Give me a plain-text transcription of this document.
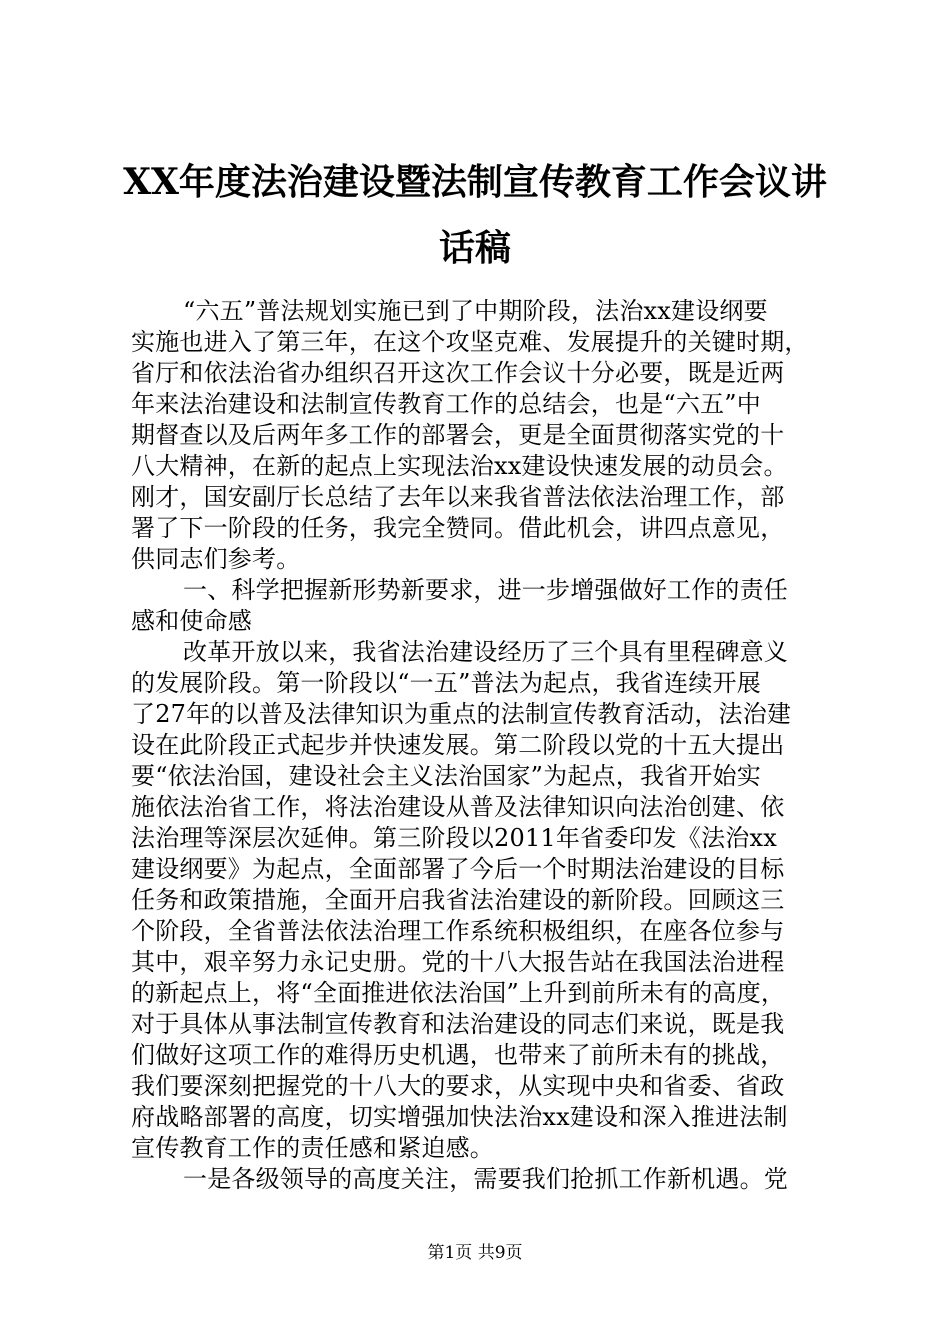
XX年度法治建设暨法制宣传教育工作会议讲
话稿
“六五”普法规划实施已到了中期阶段，法治xx建设纲要
实施也进入了第三年，在这个攻坚克难、发展提升的关键时期，
省厅和依法治省办组织召开这次工作会议十分必要，既是近两
年来法治建设和法制宣传教育工作的总结会，也是“六五”中
期督查以及后两年多工作的部署会，更是全面贯彻落实党的十
八大精神，在新的起点上实现法治xx建设快速发展的动员会。
刚才，国安副厅长总结了去年以来我省普法依法治理工作，部
署了下一阶段的任务，我完全赞同。借此机会，讲四点意见，
供同志们参考。
一、科学把握新形势新要求，进一步增强做好工作的责任
感和使命感
改革开放以来，我省法治建设经历了三个具有里程碑意义
的发展阶段。第一阶段以“一五”普法为起点，我省连续开展
了27年的以普及法律知识为重点的法制宣传教育活动，法治建
设在此阶段正式起步并快速发展。第二阶段以党的十五大提出
要“依法治国，建设社会主义法治国家”为起点，我省开始实
施依法治省工作，将法治建设从普及法律知识向法治创建、依
法治理等深层次延伸。第三阶段以2011年省委印发《法治xx
建设纲要》为起点，全面部署了今后一个时期法治建设的目标
任务和政策措施，全面开启我省法治建设的新阶段。回顾这三
个阶段，全省普法依法治理工作系统积极组织，在座各位参与
其中，艰辛努力永记史册。党的十八大报告站在我国法治进程
的新起点上，将“全面推进依法治国”上升到前所未有的高度，
对于具体从事法制宣传教育和法治建设的同志们来说，既是我
们做好这项工作的难得历史机遇，也带来了前所未有的挑战，
我们要深刻把握党的十八大的要求，从实现中央和省委、省政
府战略部署的高度，切实增强加快法治xx建设和深入推进法制
宣传教育工作的责任感和紧迫感。
一是各级领导的高度关注，需要我们抢抓工作新机遇。党
第1页 共9页
